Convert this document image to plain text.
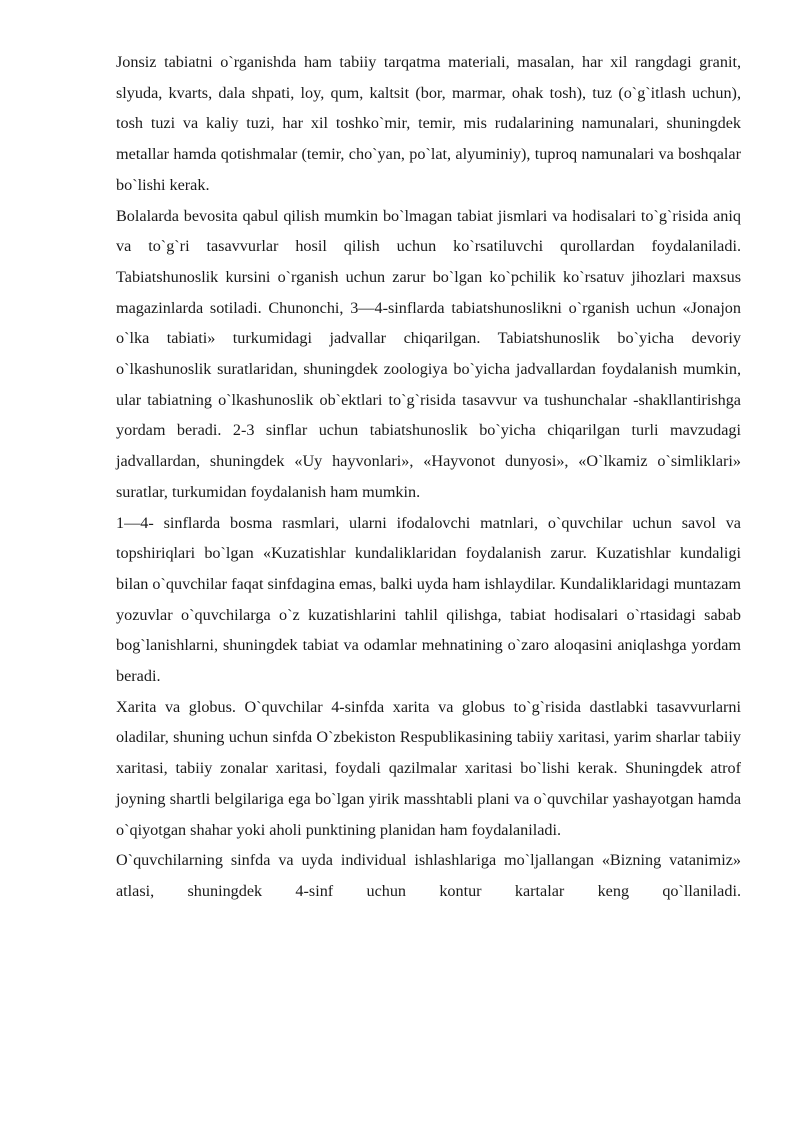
Jonsiz tabiatni o`rganishda ham tabiiy tarqatma materiali, masalan, har xil rangdagi granit, slyuda, kvarts, dala shpati, loy, qum, kaltsit (bor, marmar, ohak tosh), tuz (o`g`itlash uchun), tosh tuzi va kaliy tuzi, har xil toshko`mir, temir, mis rudalarining namunalari, shuningdek metallar hamda qotishmalar (temir, cho`yan, po`lat, alyuminiy), tuproq namunalari va boshqalar bo`lishi kerak.

Bolalarda bevosita qabul qilish mumkin bo`lmagan tabiat jismlari va hodisalari to`g`risida aniq va to`g`ri tasavvurlar hosil qilish uchun ko`rsatiluvchi qurollardan foydalaniladi. Tabiatshunoslik kursini o`rganish uchun zarur bo`lgan ko`pchilik ko`rsatuv jihozlari maxsus magazinlarda sotiladi. Chunonchi, 3—4-sinflarda tabiatshunoslikni o`rganish uchun «Jonajon o`lka tabiati» turkumidagi jadvallar chiqarilgan. Tabiatshunoslik bo`yicha devoriy o`lkashunoslik suratlaridan, shuningdek zoologiya bo`yicha jadvallardan foydalanish mumkin, ular tabiatning o`lkashunoslik ob`ektlari to`g`risida tasavvur va tushunchalar -shakllantirishga yordam beradi. 2-3 sinflar uchun tabiatshunoslik bo`yicha chiqarilgan turli mavzudagi jadvallardan, shuningdek «Uy hayvonlari», «Hayvonot dunyosi», «O`lkamiz o`simliklari» suratlar, turkumidan foydalanish ham mumkin.

1—4- sinflarda bosma rasmlari, ularni ifodalovchi matnlari, o`quvchilar uchun savol va topshiriqlari bo`lgan «Kuzatishlar kundaliklaridan foydalanish zarur. Kuzatishlar kundaligi bilan o`quvchilar faqat sinfdagina emas, balki uyda ham ishlaydilar. Kundaliklaridagi muntazam yozuvlar o`quvchilarga o`z kuzatishlarini tahlil qilishga, tabiat hodisalari o`rtasidagi sabab bog`lanishlarni, shuningdek tabiat va odamlar mehnatining o`zaro aloqasini aniqlashga yordam beradi.

Xarita va globus. O`quvchilar 4-sinfda xarita va globus to`g`risida dastlabki tasavvurlarni oladilar, shuning uchun sinfda O`zbekiston Respublikasining tabiiy xaritasi, yarim sharlar tabiiy xaritasi, tabiiy zonalar xaritasi, foydali qazilmalar xaritasi bo`lishi kerak. Shuningdek atrof joyning shartli belgilariga ega bo`lgan yirik masshtabli plani va o`quvchilar yashayotgan hamda o`qiyotgan shahar yoki aholi punktining planidan ham foydalaniladi.

O`quvchilarning sinfda va uyda individual ishlashlariga mo`ljallangan «Bizning vatanimiz» atlasi, shuningdek 4-sinf uchun kontur kartalar keng qo`llaniladi.
